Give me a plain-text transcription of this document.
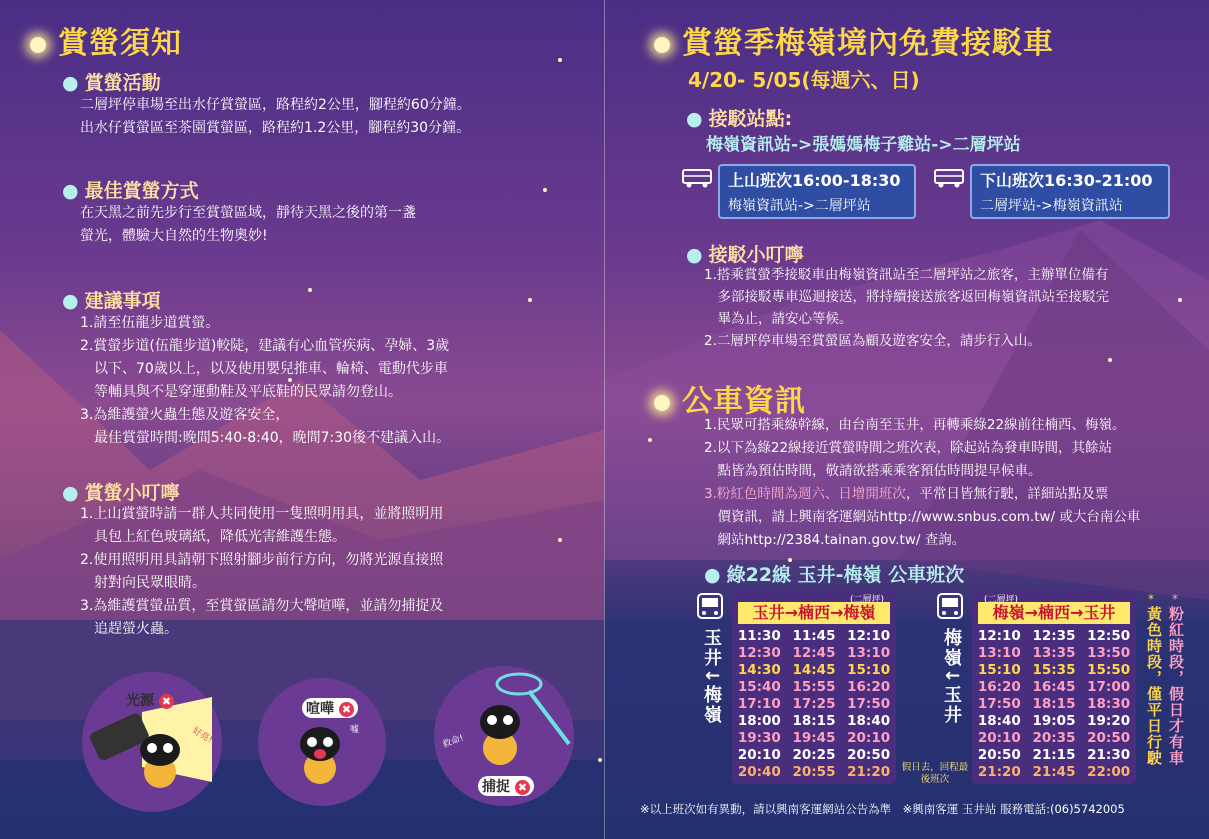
賞螢須知
● 賞螢活動
二層坪停車場至出水仔賞螢區，路程約2公里，腳程約60分鐘。
出水仔賞螢區至茶園賞螢區，路程約1.2公里，腳程約30分鐘。
● 最佳賞螢方式
在天黑之前先步行至賞螢區域，靜待天黑之後的第一盞
螢光，體驗大自然的生物奧妙!
● 建議事項
1.請至伍龍步道賞螢。
2.賞螢步道(伍龍步道)較陡，建議有心血管疾病、孕婦、3歲
　以下、70歲以上，以及使用嬰兒推車、輪椅、電動代步車
　等輔具與不是穿運動鞋及平底鞋的民眾請勿登山。
3.為維護螢火蟲生態及遊客安全，
　最佳賞螢時間:晚間5:40-8:40，晚間7:30後不建議入山。
● 賞螢小叮嚀
1.上山賞螢時請一群人共同使用一隻照明用具，並將照明用
　具包上紅色玻璃紙，降低光害維護生態。
2.使用照明用具請朝下照射腳步前行方向，勿將光源直接照
　射對向民眾眼睛。
3.為維護賞螢品質，至賞螢區請勿大聲喧嘩，並請勿捕捉及
　追趕螢火蟲。
光源 ✖
好亮!
喧嘩 ✖
噓
捕捉 ✖
救命!
賞螢季梅嶺境內免費接駁車
4/20- 5/05(每週六、日)
● 接駁站點:
梅嶺資訊站->張媽媽梅子雞站->二層坪站
上山班次16:00-18:30
梅嶺資訊站->二層坪站
下山班次16:30-21:00
二層坪站->梅嶺資訊站
● 接駁小叮嚀
1.搭乘賞螢季接駁車由梅嶺資訊站至二層坪站之旅客，主辦單位備有
　多部接駁專車巡迴接送，將持續接送旅客返回梅嶺資訊站至接駁完
　畢為止，請安心等候。
2.二層坪停車場至賞螢區為顧及遊客安全，請步行入山。
公車資訊
1.民眾可搭乘綠幹線，由台南至玉井，再轉乘綠22線前往楠西、梅嶺。
2.以下為綠22線接近賞螢時間之班次表，除起站為發車時間，其餘站
　點皆為預估時間，敬請欲搭乘乘客預估時間提早候車。
3.粉紅色時間為週六、日增開班次，平常日皆無行駛，詳細站點及票
　價資訊，請上興南客運網站http://www.snbus.com.tw/ 或大台南公車
　網站http://2384.tainan.gov.tw/ 查詢。
● 綠22線 玉井-梅嶺 公車班次
玉井↓梅嶺
(二層坪)
玉井→楠西→梅嶺
11:30 11:45 12:10
12:30 12:45 13:10
14:30 14:45 15:10
15:40 15:55 16:20
17:10 17:25 17:50
18:00 18:15 18:40
19:30 19:45 20:10
20:10 20:25 20:50
20:40 20:55 21:20 假日去，回程最後班次
梅嶺↓玉井
(二層坪)
梅嶺→楠西→玉井
12:10 12:35 12:50
13:10 13:35 13:50
15:10 15:35 15:50
16:20 16:45 17:00
17:50 18:15 18:30
18:40 19:05 19:20
20:10 20:35 20:50
20:50 21:15 21:30
21:20 21:45 22:00
*
黃色時段，僅平日行駛
*
粉紅時段，假日才有車
※以上班次如有異動，請以興南客運網站公告為準　※興南客運 玉井站 服務電話:(06)5742005
